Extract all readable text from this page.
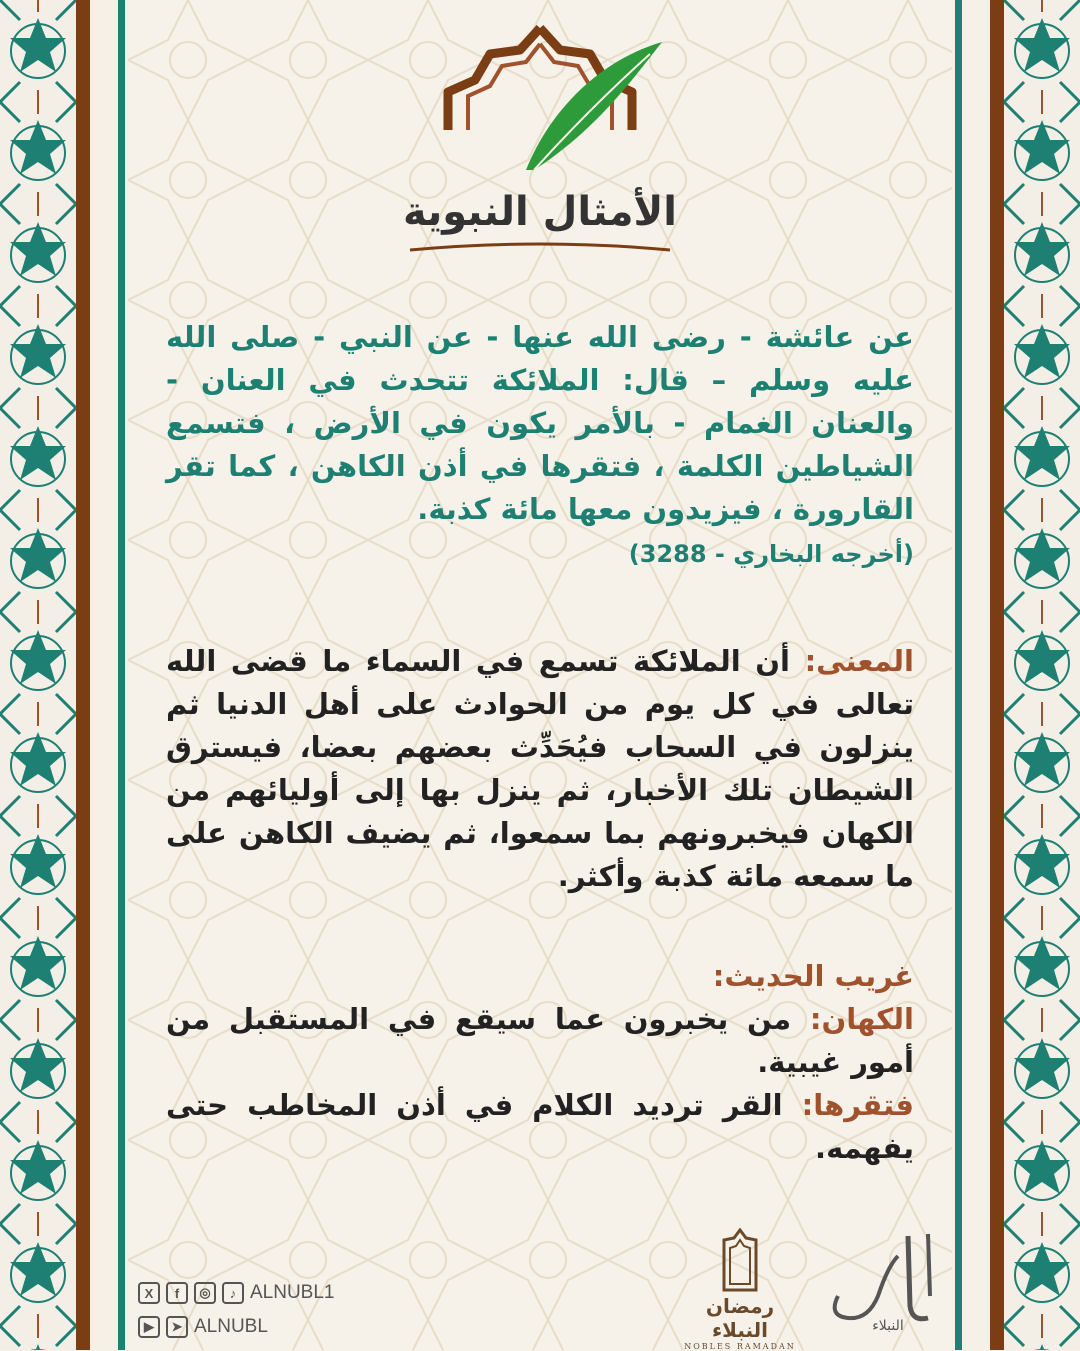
الأمثال النبوية
عن عائشة - رضى الله عنها - عن النبي - صلى الله عليه وسلم – قال: الملائكة تتحدث في العنان - والعنان الغمام - بالأمر يكون في الأرض ، فتسمع الشياطين الكلمة ، فتقرها في أذن الكاهن ، كما تقر القارورة ، فيزيدون معها مائة كذبة.
(أخرجه البخاري - 3288)
المعنى: أن الملائكة تسمع في السماء ما قضى الله تعالى في كل يوم من الحوادث على أهل الدنيا ثم ينزلون في السحاب فيُحَدِّث بعضهم بعضا، فيسترق الشيطان تلك الأخبار، ثم ينزل بها إلى أوليائهم من الكهان فيخبرونهم بما سمعوا، ثم يضيف الكاهن على ما سمعه مائة كذبة وأكثر.
غريب الحديث:
الكهان: من يخبرون عما سيقع في المستقبل من أمور غيبية.
فتقرها: القر ترديد الكلام في أذن المخاطب حتى يفهمه.
X	f	◎	♪ ALNUBL1
▶	➤ ALNUBL
رمضان النبلاء
NOBLES RAMADAN
النبلاء
